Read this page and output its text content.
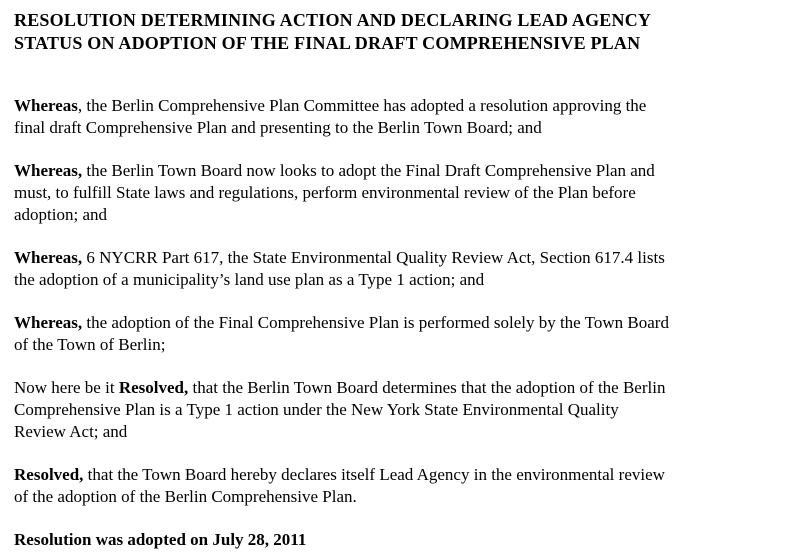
RESOLUTION DETERMINING ACTION AND DECLARING LEAD AGENCY
STATUS ON ADOPTION OF THE FINAL DRAFT COMPREHENSIVE PLAN

Whereas, the Berlin Comprehensive Plan Committee has adopted a resolution approving the
final draft Comprehensive Plan and presenting to the Berlin Town Board; and

Whereas, the Berlin Town Board now looks to adopt the Final Draft Comprehensive Plan and
must, to fulfill State laws and regulations, perform environmental review of the Plan before
adoption; and

Whereas, 6 NYCRR Part 617, the State Environmental Quality Review Act, Section 617.4 lists
the adoption of a municipality’s land use plan as a Type 1 action; and

Whereas, the adoption of the Final Comprehensive Plan is performed solely by the Town Board
of the Town of Berlin;

Now here be it Resolved, that the Berlin Town Board determines that the adoption of the Berlin
Comprehensive Plan is a Type 1 action under the New York State Environmental Quality
Review Act; and

Resolved, that the Town Board hereby declares itself Lead Agency in the environmental review
of the adoption of the Berlin Comprehensive Plan.

Resolution was adopted on July 28, 2011
